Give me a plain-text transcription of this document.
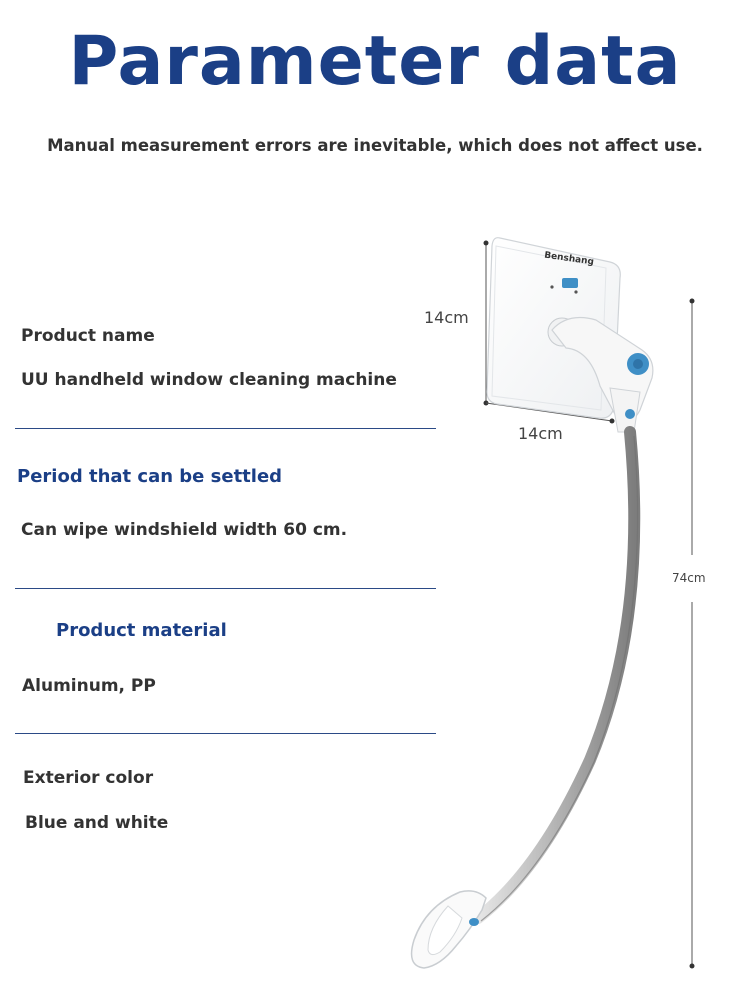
Parameter data
Manual measurement errors are inevitable, which does not affect use.
Product name
UU handheld window cleaning machine
Period that can be settled
Can wipe windshield width 60 cm.
Product material
Aluminum, PP
Exterior color
Blue and white
Benshang
14cm
14cm
74cm
